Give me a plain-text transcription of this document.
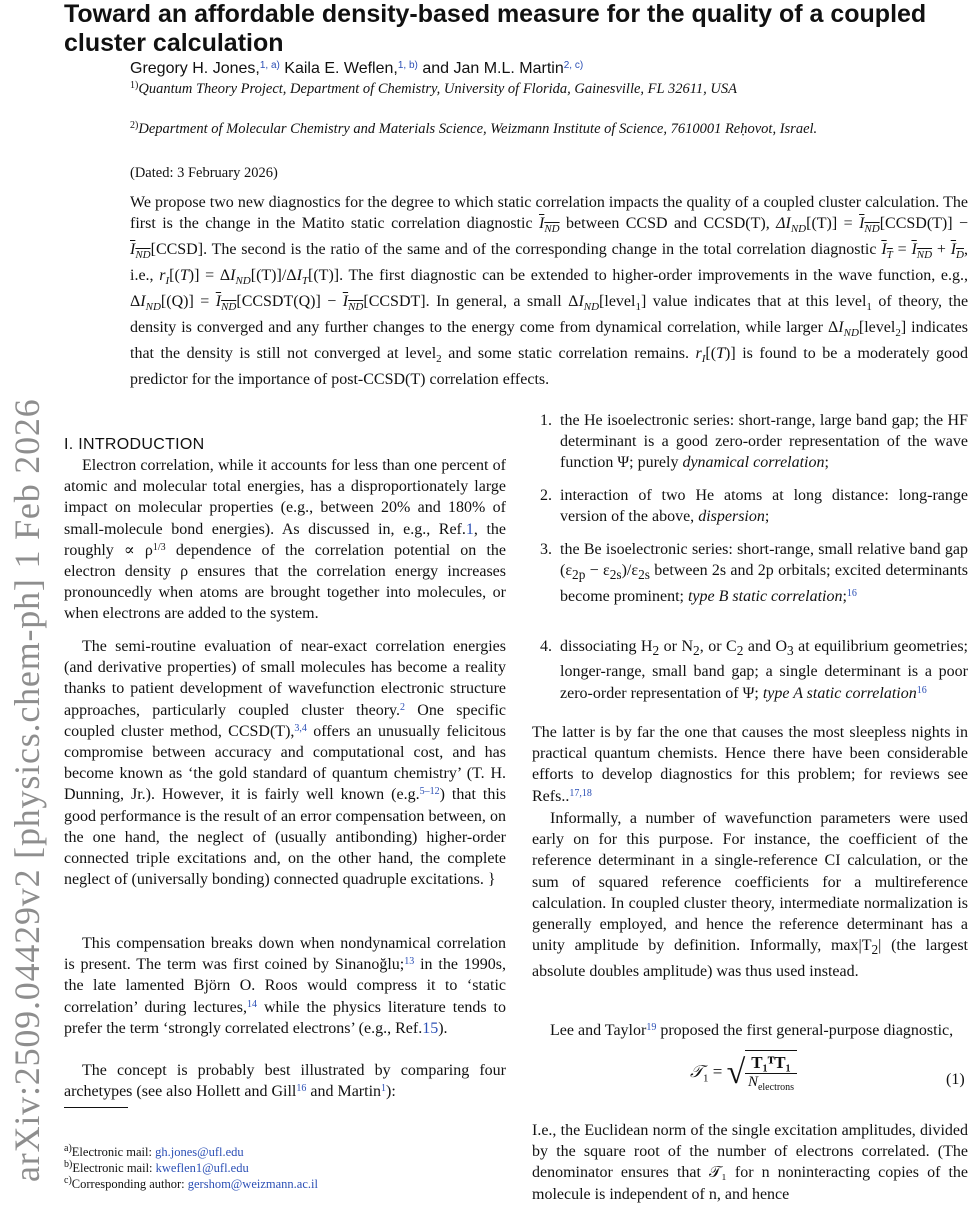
arXiv:2509.04429v2 [physics.chem-ph] 1 Feb 2026
Toward an affordable density-based measure for the quality of a coupled cluster calculation
Gregory H. Jones,$^{1, a)}$ Kaila E. Weflen,$^{1, b)}$ and Jan M.L. Martin$^{2, c)}$
$^{1)}$Quantum Theory Project, Department of Chemistry, University of Florida, Gainesville, FL 32611, USA
$^{2)}$Department of Molecular Chemistry and Materials Science, Weizmann Institute of Science, 7610001 Reḥovot, Israel.
(Dated: 3 February 2026)
We propose two new diagnostics for the degree to which static correlation impacts the quality of a coupled cluster calculation. The first is the change in the Matito static correlation diagnostic $I_{ND}$ between CCSD and CCSD(T), $\Delta I_{ND}[(T)]$ = $I_{ND}[CCSD(T)]$ − $I_{ND}[CCSD]$. The second is the ratio of the same and of the corresponding change in the total correlation diagnostic $I_T = I_{ND} + I_D$, i.e., $r_I[(T)] = \Delta I_{ND}[(T)]/\Delta I_T[(T)]$. The first diagnostic can be extended to higher-order improvements in the wave function, e.g., $\Delta I_{ND}[(Q)]$ = $I_{ND}[CCSDT(Q)]$ − $I_{ND}[CCSDT]$. In general, a small $\Delta I_{ND}[level_1]$ value indicates that at this level$_1$ of theory, the density is converged and any further changes to the energy come from dynamical correlation, while larger $\Delta I_{ND}[level_2]$ indicates that the density is still not converged at level$_2$ and some static correlation remains. $r_I[(T)]$ is found to be a moderately good predictor for the importance of post-CCSD(T) correlation effects.
I. INTRODUCTION

Electron correlation, while it accounts for less than one percent of atomic and molecular total energies, has a disproportionately large impact on molecular properties (e.g., between 20% and 180% of small-molecule bond energies). As discussed in, e.g., Ref.1, the roughly ∝ $\rho^{1/3}$ dependence of the correlation potential on the electron density ρ ensures that the correlation energy increases pronouncedly when atoms are brought together into molecules, or when electrons are added to the system.

The semi-routine evaluation of near-exact correlation energies (and derivative properties) of small molecules has become a reality thanks to patient development of wavefunction electronic structure approaches, particularly coupled cluster theory.$^2$ One specific coupled cluster method, CCSD(T),$^{3,4}$ offers an unusually felicitous compromise between accuracy and computational cost, and has become known as ‘the gold standard of quantum chemistry’ (T. H. Dunning, Jr.). However, it is fairly well known (e.g.$^{5-12}$) that this good performance is the result of an error compensation between, on the one hand, the neglect of (usually antibonding) higher-order connected triple excitations and, on the other hand, the complete neglect of (universally bonding) connected quadruple excitations. }

This compensation breaks down when nondynamical correlation is present. The term was first coined by Sinanoğlu;$^{13}$ in the 1990s, the late lamented Björn O. Roos would compress it to ‘static correlation’ during lectures,$^{14}$ while the physics literature tends to prefer the term ‘strongly correlated electrons’ (e.g., Ref.15).

The concept is probably best illustrated by comparing four archetypes (see also Hollett and Gill$^{16}$ and Martin$^1$):

$^{a)}$Electronic mail: gh.jones@ufl.edu
$^{b)}$Electronic mail: kweflen1@ufl.edu
$^{c)}$Corresponding author: gershom@weizmann.ac.il
1. the He isoelectronic series: short-range, large band gap; the HF determinant is a good zero-order representation of the wave function Ψ; purely dynamical correlation;
2. interaction of two He atoms at long distance: long-range version of the above, dispersion;
3. the Be isoelectronic series: short-range, small relative band gap $(\varepsilon_{2p} - \varepsilon_{2s})/\varepsilon_{2s}$ between 2s and 2p orbitals; excited determinants become prominent; type B static correlation;$^{16}$
4. dissociating $H_2$ or $N_2$, or $C_2$ and $O_3$ at equilibrium geometries; longer-range, small band gap; a single determinant is a poor zero-order representation of Ψ; type A static correlation$^{16}$

The latter is by far the one that causes the most sleepless nights in practical quantum chemists. Hence there have been considerable efforts to develop diagnostics for this problem; for reviews see Refs..$^{17,18}$

Informally, a number of wavefunction parameters were used early on for this purpose. For instance, the coefficient of the reference determinant in a single-reference CI calculation, or the sum of squared reference coefficients for a multireference calculation. In coupled cluster theory, intermediate normalization is generally employed, and hence the reference determinant has a unity amplitude by definition. Informally, $\max|T_2|$ (the largest absolute doubles amplitude) was thus used instead.

Lee and Taylor$^{19}$ proposed the first general-purpose diagnostic,

𝒯$_1$ = √ $\frac{\text{T₁ᵀT₁}}{N_{electrons}}$	(1)

I.e., the Euclidean norm of the single excitation amplitudes, divided by the square root of the number of electrons correlated. (The denominator ensures that 𝒯₁ for n noninteracting copies of the molecule is independent of n, and hence
